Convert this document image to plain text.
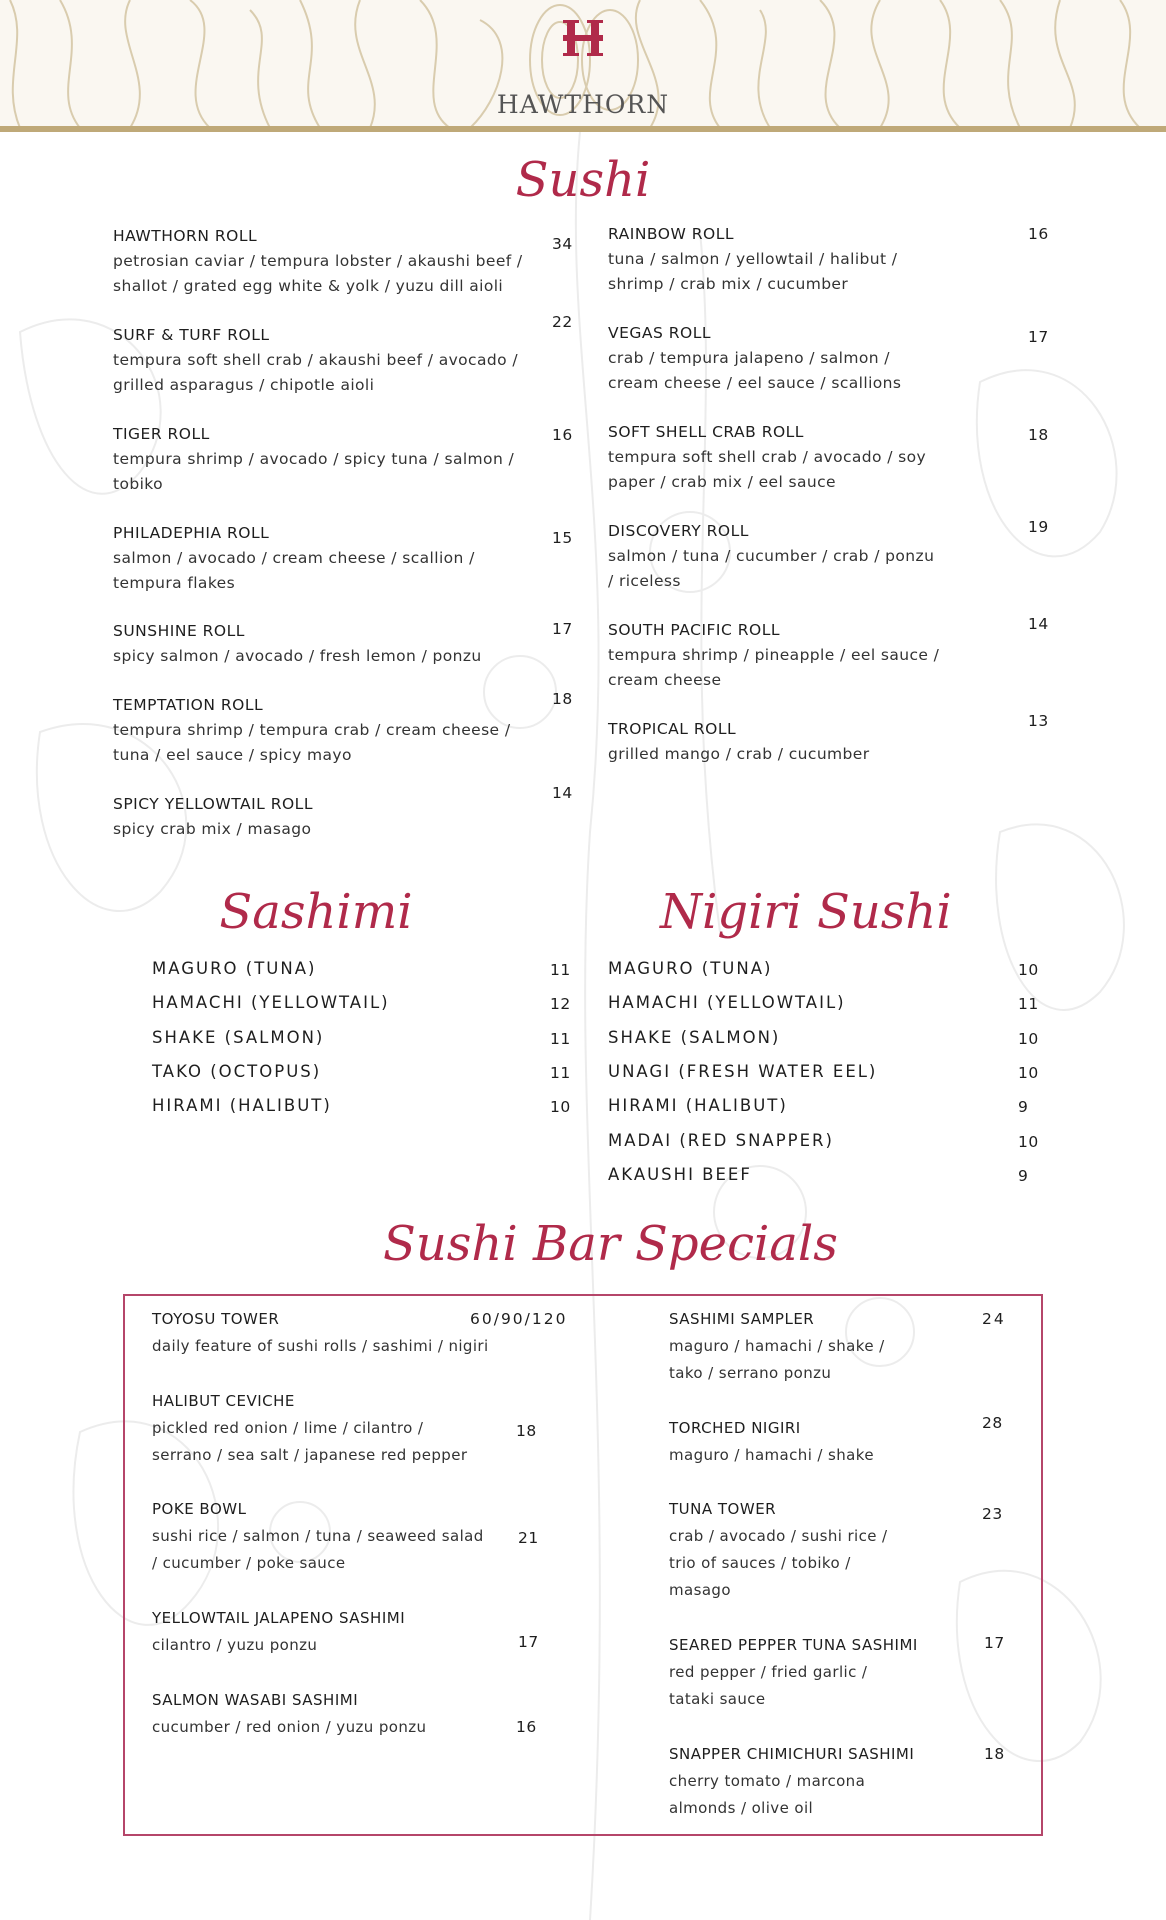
HAWTHORN
Sushi
HAWTHORN ROLL
petrosian caviar / tempura lobster / akaushi beef /
shallot / grated egg white & yolk / yuzu dill aioli
34
SURF & TURF ROLL
tempura soft shell crab / akaushi beef / avocado /
grilled asparagus / chipotle aioli
22
TIGER ROLL
tempura shrimp / avocado / spicy tuna / salmon /
tobiko
16
PHILADEPHIA ROLL
salmon / avocado / cream cheese / scallion /
tempura flakes
15
SUNSHINE ROLL
spicy salmon / avocado / fresh lemon / ponzu
17
TEMPTATION ROLL
tempura shrimp / tempura crab / cream cheese /
tuna / eel sauce / spicy mayo
18
SPICY YELLOWTAIL ROLL
spicy crab mix / masago
14
RAINBOW ROLL
tuna / salmon / yellowtail / halibut /
shrimp / crab mix / cucumber
16
VEGAS ROLL
crab / tempura jalapeno / salmon /
cream cheese / eel sauce / scallions
17
SOFT SHELL CRAB ROLL
tempura soft shell crab / avocado / soy
paper / crab mix / eel sauce
18
DISCOVERY ROLL
salmon / tuna / cucumber / crab / ponzu
/ riceless
19
SOUTH PACIFIC ROLL
tempura shrimp / pineapple / eel sauce /
cream cheese
14
TROPICAL ROLL
grilled mango / crab / cucumber
13
Sashimi	Nigiri Sushi
MAGURO (TUNA)	11
HAMACHI (YELLOWTAIL)	12
SHAKE (SALMON)	11
TAKO (OCTOPUS)	11
HIRAMI (HALIBUT)	10
MAGURO (TUNA)	10
HAMACHI (YELLOWTAIL)	11
SHAKE (SALMON)	10
UNAGI (FRESH WATER EEL)	10
HIRAMI (HALIBUT)	9
MADAI (RED SNAPPER)	10
AKAUSHI BEEF	9
Sushi Bar Specials
TOYOSU TOWER
daily feature of sushi rolls / sashimi / nigiri
60/90/120
HALIBUT CEVICHE
pickled red onion / lime / cilantro /
serrano / sea salt / japanese red pepper
18
POKE BOWL
sushi rice / salmon / tuna / seaweed salad
/ cucumber / poke sauce
21
YELLOWTAIL JALAPENO SASHIMI
cilantro / yuzu ponzu	17
SALMON WASABI SASHIMI
cucumber / red onion / yuzu ponzu	16
SASHIMI SAMPLER
maguro / hamachi / shake /
tako / serrano ponzu
24
TORCHED NIGIRI
maguro / hamachi / shake
28
TUNA TOWER
crab / avocado / sushi rice /
trio of sauces / tobiko /
masago
23
SEARED PEPPER TUNA SASHIMI
red pepper / fried garlic /
tataki sauce
17
SNAPPER CHIMICHURI SASHIMI
cherry tomato / marcona
almonds / olive oil
18
